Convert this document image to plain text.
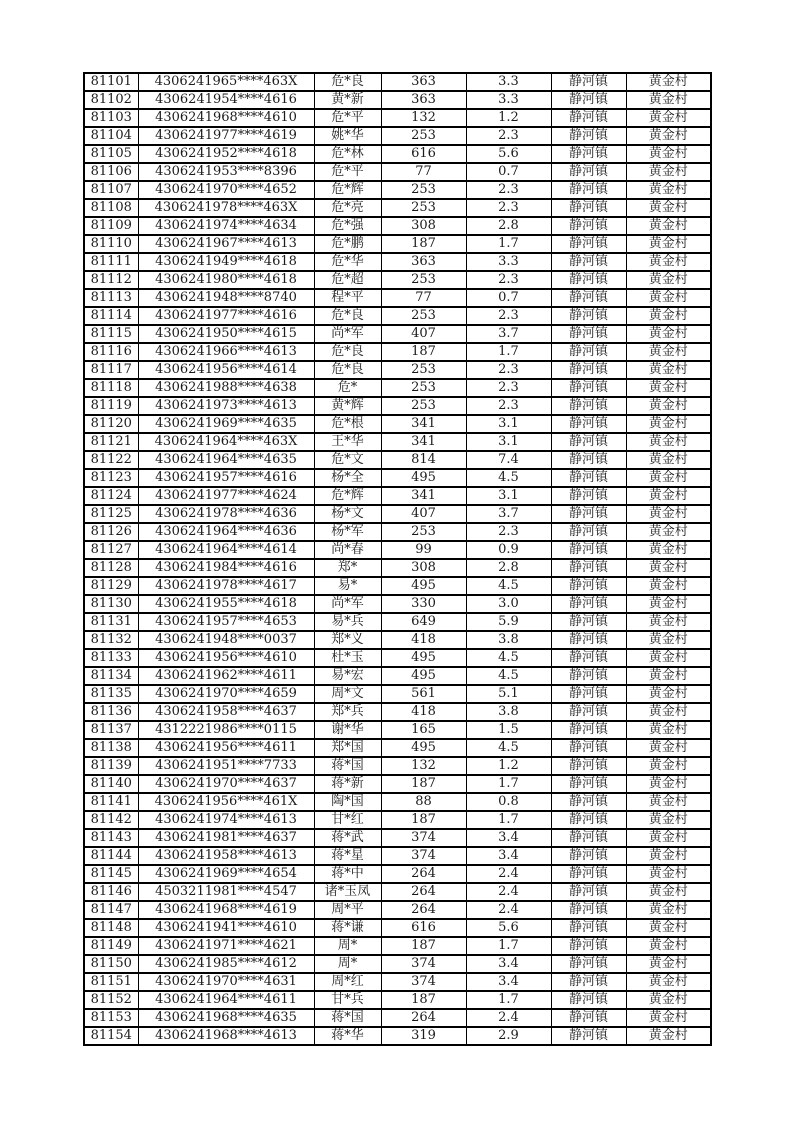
81101	4306241965****463X	危*良	363	3.3	静河镇	黄金村
81102	4306241954****4616	黄*新	363	3.3	静河镇	黄金村
81103	4306241968****4610	危*平	132	1.2	静河镇	黄金村
81104	4306241977****4619	姚*华	253	2.3	静河镇	黄金村
81105	4306241952****4618	危*林	616	5.6	静河镇	黄金村
81106	4306241953****8396	危*平	77	0.7	静河镇	黄金村
81107	4306241970****4652	危*辉	253	2.3	静河镇	黄金村
81108	4306241978****463X	危*亮	253	2.3	静河镇	黄金村
81109	4306241974****4634	危*强	308	2.8	静河镇	黄金村
81110	4306241967****4613	危*鹏	187	1.7	静河镇	黄金村
81111	4306241949****4618	危*华	363	3.3	静河镇	黄金村
81112	4306241980****4618	危*超	253	2.3	静河镇	黄金村
81113	4306241948****8740	程*平	77	0.7	静河镇	黄金村
81114	4306241977****4616	危*良	253	2.3	静河镇	黄金村
81115	4306241950****4615	尚*军	407	3.7	静河镇	黄金村
81116	4306241966****4613	危*良	187	1.7	静河镇	黄金村
81117	4306241956****4614	危*良	253	2.3	静河镇	黄金村
81118	4306241988****4638	危*	253	2.3	静河镇	黄金村
81119	4306241973****4613	黄*辉	253	2.3	静河镇	黄金村
81120	4306241969****4635	危*根	341	3.1	静河镇	黄金村
81121	4306241964****463X	王*华	341	3.1	静河镇	黄金村
81122	4306241964****4635	危*文	814	7.4	静河镇	黄金村
81123	4306241957****4616	杨*全	495	4.5	静河镇	黄金村
81124	4306241977****4624	危*辉	341	3.1	静河镇	黄金村
81125	4306241978****4636	杨*文	407	3.7	静河镇	黄金村
81126	4306241964****4636	杨*军	253	2.3	静河镇	黄金村
81127	4306241964****4614	尚*春	99	0.9	静河镇	黄金村
81128	4306241984****4616	郑*	308	2.8	静河镇	黄金村
81129	4306241978****4617	易*	495	4.5	静河镇	黄金村
81130	4306241955****4618	尚*军	330	3.0	静河镇	黄金村
81131	4306241957****4653	易*兵	649	5.9	静河镇	黄金村
81132	4306241948****0037	郑*义	418	3.8	静河镇	黄金村
81133	4306241956****4610	杜*玉	495	4.5	静河镇	黄金村
81134	4306241962****4611	易*宏	495	4.5	静河镇	黄金村
81135	4306241970****4659	周*文	561	5.1	静河镇	黄金村
81136	4306241958****4637	郑*兵	418	3.8	静河镇	黄金村
81137	4312221986****0115	谢*华	165	1.5	静河镇	黄金村
81138	4306241956****4611	郑*国	495	4.5	静河镇	黄金村
81139	4306241951****7733	蒋*国	132	1.2	静河镇	黄金村
81140	4306241970****4637	蒋*新	187	1.7	静河镇	黄金村
81141	4306241956****461X	陶*国	88	0.8	静河镇	黄金村
81142	4306241974****4613	甘*红	187	1.7	静河镇	黄金村
81143	4306241981****4637	蒋*武	374	3.4	静河镇	黄金村
81144	4306241958****4613	蒋*星	374	3.4	静河镇	黄金村
81145	4306241969****4654	蒋*中	264	2.4	静河镇	黄金村
81146	4503211981****4547	诸*玉凤	264	2.4	静河镇	黄金村
81147	4306241968****4619	周*平	264	2.4	静河镇	黄金村
81148	4306241941****4610	蒋*谦	616	5.6	静河镇	黄金村
81149	4306241971****4621	周*	187	1.7	静河镇	黄金村
81150	4306241985****4612	周*	374	3.4	静河镇	黄金村
81151	4306241970****4631	周*红	374	3.4	静河镇	黄金村
81152	4306241964****4611	甘*兵	187	1.7	静河镇	黄金村
81153	4306241968****4635	蒋*国	264	2.4	静河镇	黄金村
81154	4306241968****4613	蒋*华	319	2.9	静河镇	黄金村
